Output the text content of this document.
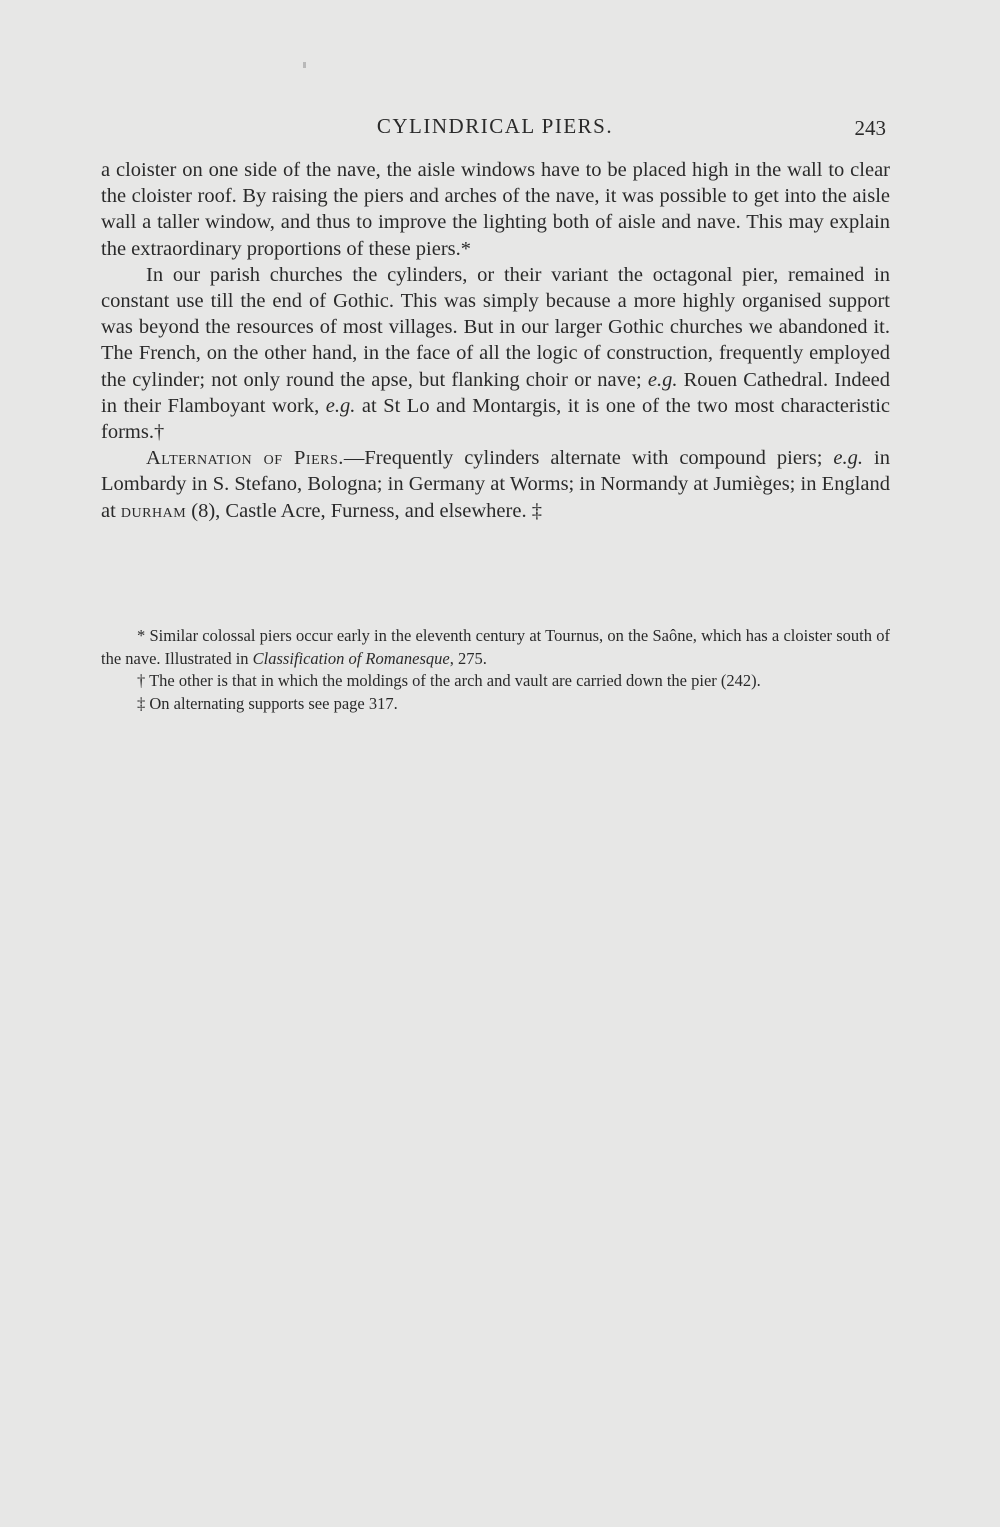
CYLINDRICAL PIERS.	243

a cloister on one side of the nave, the aisle windows have to be placed high in the wall to clear the cloister roof. By raising the piers and arches of the nave, it was possible to get into the aisle wall a taller window, and thus to improve the lighting both of aisle and nave. This may explain the extraordinary proportions of these piers.*

In our parish churches the cylinders, or their variant the octagonal pier, remained in constant use till the end of Gothic. This was simply because a more highly organised support was beyond the resources of most villages. But in our larger Gothic churches we abandoned it. The French, on the other hand, in the face of all the logic of construction, frequently employed the cylinder; not only round the apse, but flanking choir or nave; e.g. Rouen Cathedral. Indeed in their Flamboyant work, e.g. at St Lo and Montargis, it is one of the two most characteristic forms.†

Alternation of Piers.—Frequently cylinders alternate with compound piers; e.g. in Lombardy in S. Stefano, Bologna; in Germany at Worms; in Normandy at Jumièges; in England at durham (8), Castle Acre, Furness, and elsewhere. ‡

* Similar colossal piers occur early in the eleventh century at Tournus, on the Saône, which has a cloister south of the nave. Illustrated in Classification of Romanesque, 275.

† The other is that in which the moldings of the arch and vault are carried down the pier (242).

‡ On alternating supports see page 317.
